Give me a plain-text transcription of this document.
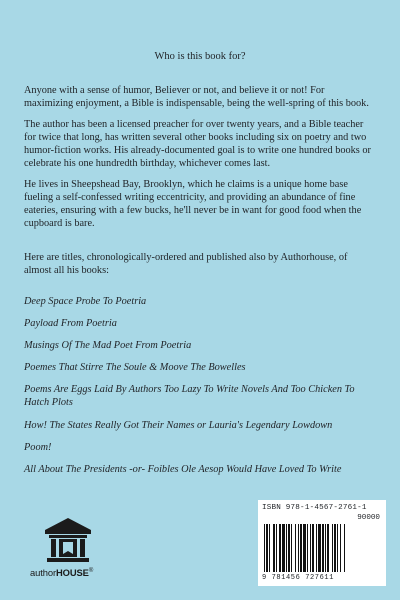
Who is this book for?

Anyone with a sense of humor, Believer or not, and believe it or not! For maximizing enjoyment, a Bible is indispensable, being the well-spring of this book.

The author has been a licensed preacher for over twenty years, and a Bible teacher for twice that long, has written several other books including six on poetry and two humor-fiction works. His already-documented goal is to write one hundred books or celebrate his one hundredth birthday, whichever comes last.

He lives in Sheepshead Bay, Brooklyn, which he claims is a unique home base fueling a self-confessed writing eccentricity, and providing an abundance of fine eateries, ensuring with a few bucks, he'll never be in want for good food when the cupboard is bare.

Here are titles, chronologically-ordered and published also by Authorhouse, of almost all his books:

Deep Space Probe To Poetria
Payload From Poetria
Musings Of The Mad Poet From Poetria
Poemes That Stirre The Soule & Moove The Bowelles
Poems Are Eggs Laid By Authors Too Lazy To Write Novels And Too Chicken To Hatch Plots
How! The States Really Got Their Names or Lauria's Legendary Lowdown
Poom!
All About The Presidents -or- Foibles Ole Aesop Would Have Loved To Write
authorHOUSE®
ISBN 978-1-4567-2761-1
90000
9 781456 727611
